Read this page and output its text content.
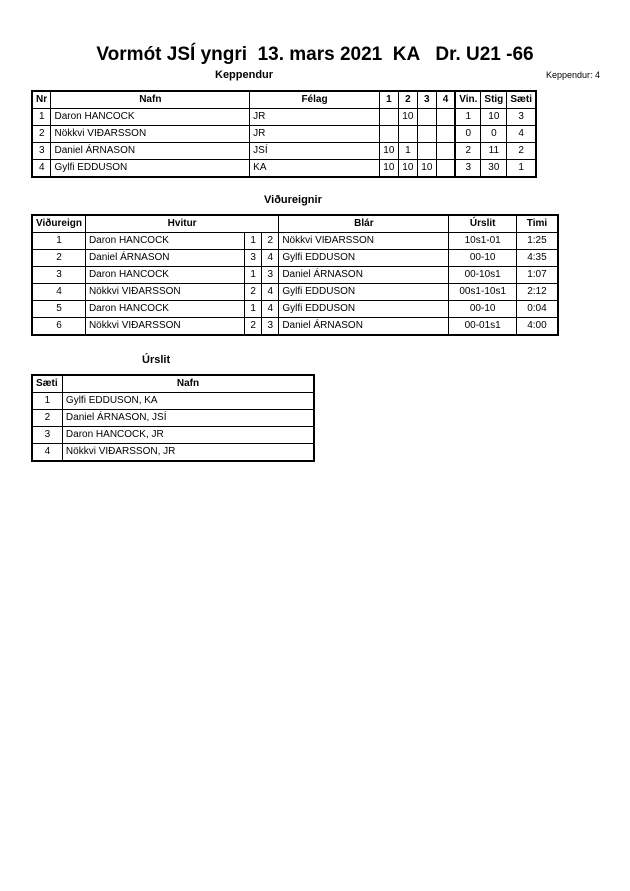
Vormót JSÍ yngri  13. mars 2021  KA   Dr. U21 -66
Keppendur	Keppendur: 4
Nr	Nafn	Félag	1	2	3	4	Vin.	Stig	Sæti
1	Daron HANCOCK	JR		10			1	10	3
2	Nökkvi VIÐARSSON	JR					0	0	4
3	Daniel ÁRNASON	JSÍ	10	1			2	11	2
4	Gylfi EDDUSON	KA	10	10	10		3	30	1
Viðureignir
Viðureign	Hvitur			Blár	Úrslit	Timi
1	Daron HANCOCK	1	2	Nökkvi VIÐARSSON	10s1-01	1:25
2	Daniel ÁRNASON	3	4	Gylfi EDDUSON	00-10	4:35
3	Daron HANCOCK	1	3	Daniel ÁRNASON	00-10s1	1:07
4	Nökkvi VIÐARSSON	2	4	Gylfi EDDUSON	00s1-10s1	2:12
5	Daron HANCOCK	1	4	Gylfi EDDUSON	00-10	0:04
6	Nökkvi VIÐARSSON	2	3	Daniel ÁRNASON	00-01s1	4:00
Úrslit
Sæti	Nafn
1	Gylfi EDDUSON, KA
2	Daniel ÁRNASON, JSÍ
3	Daron HANCOCK, JR
4	Nökkvi VIÐARSSON, JR
